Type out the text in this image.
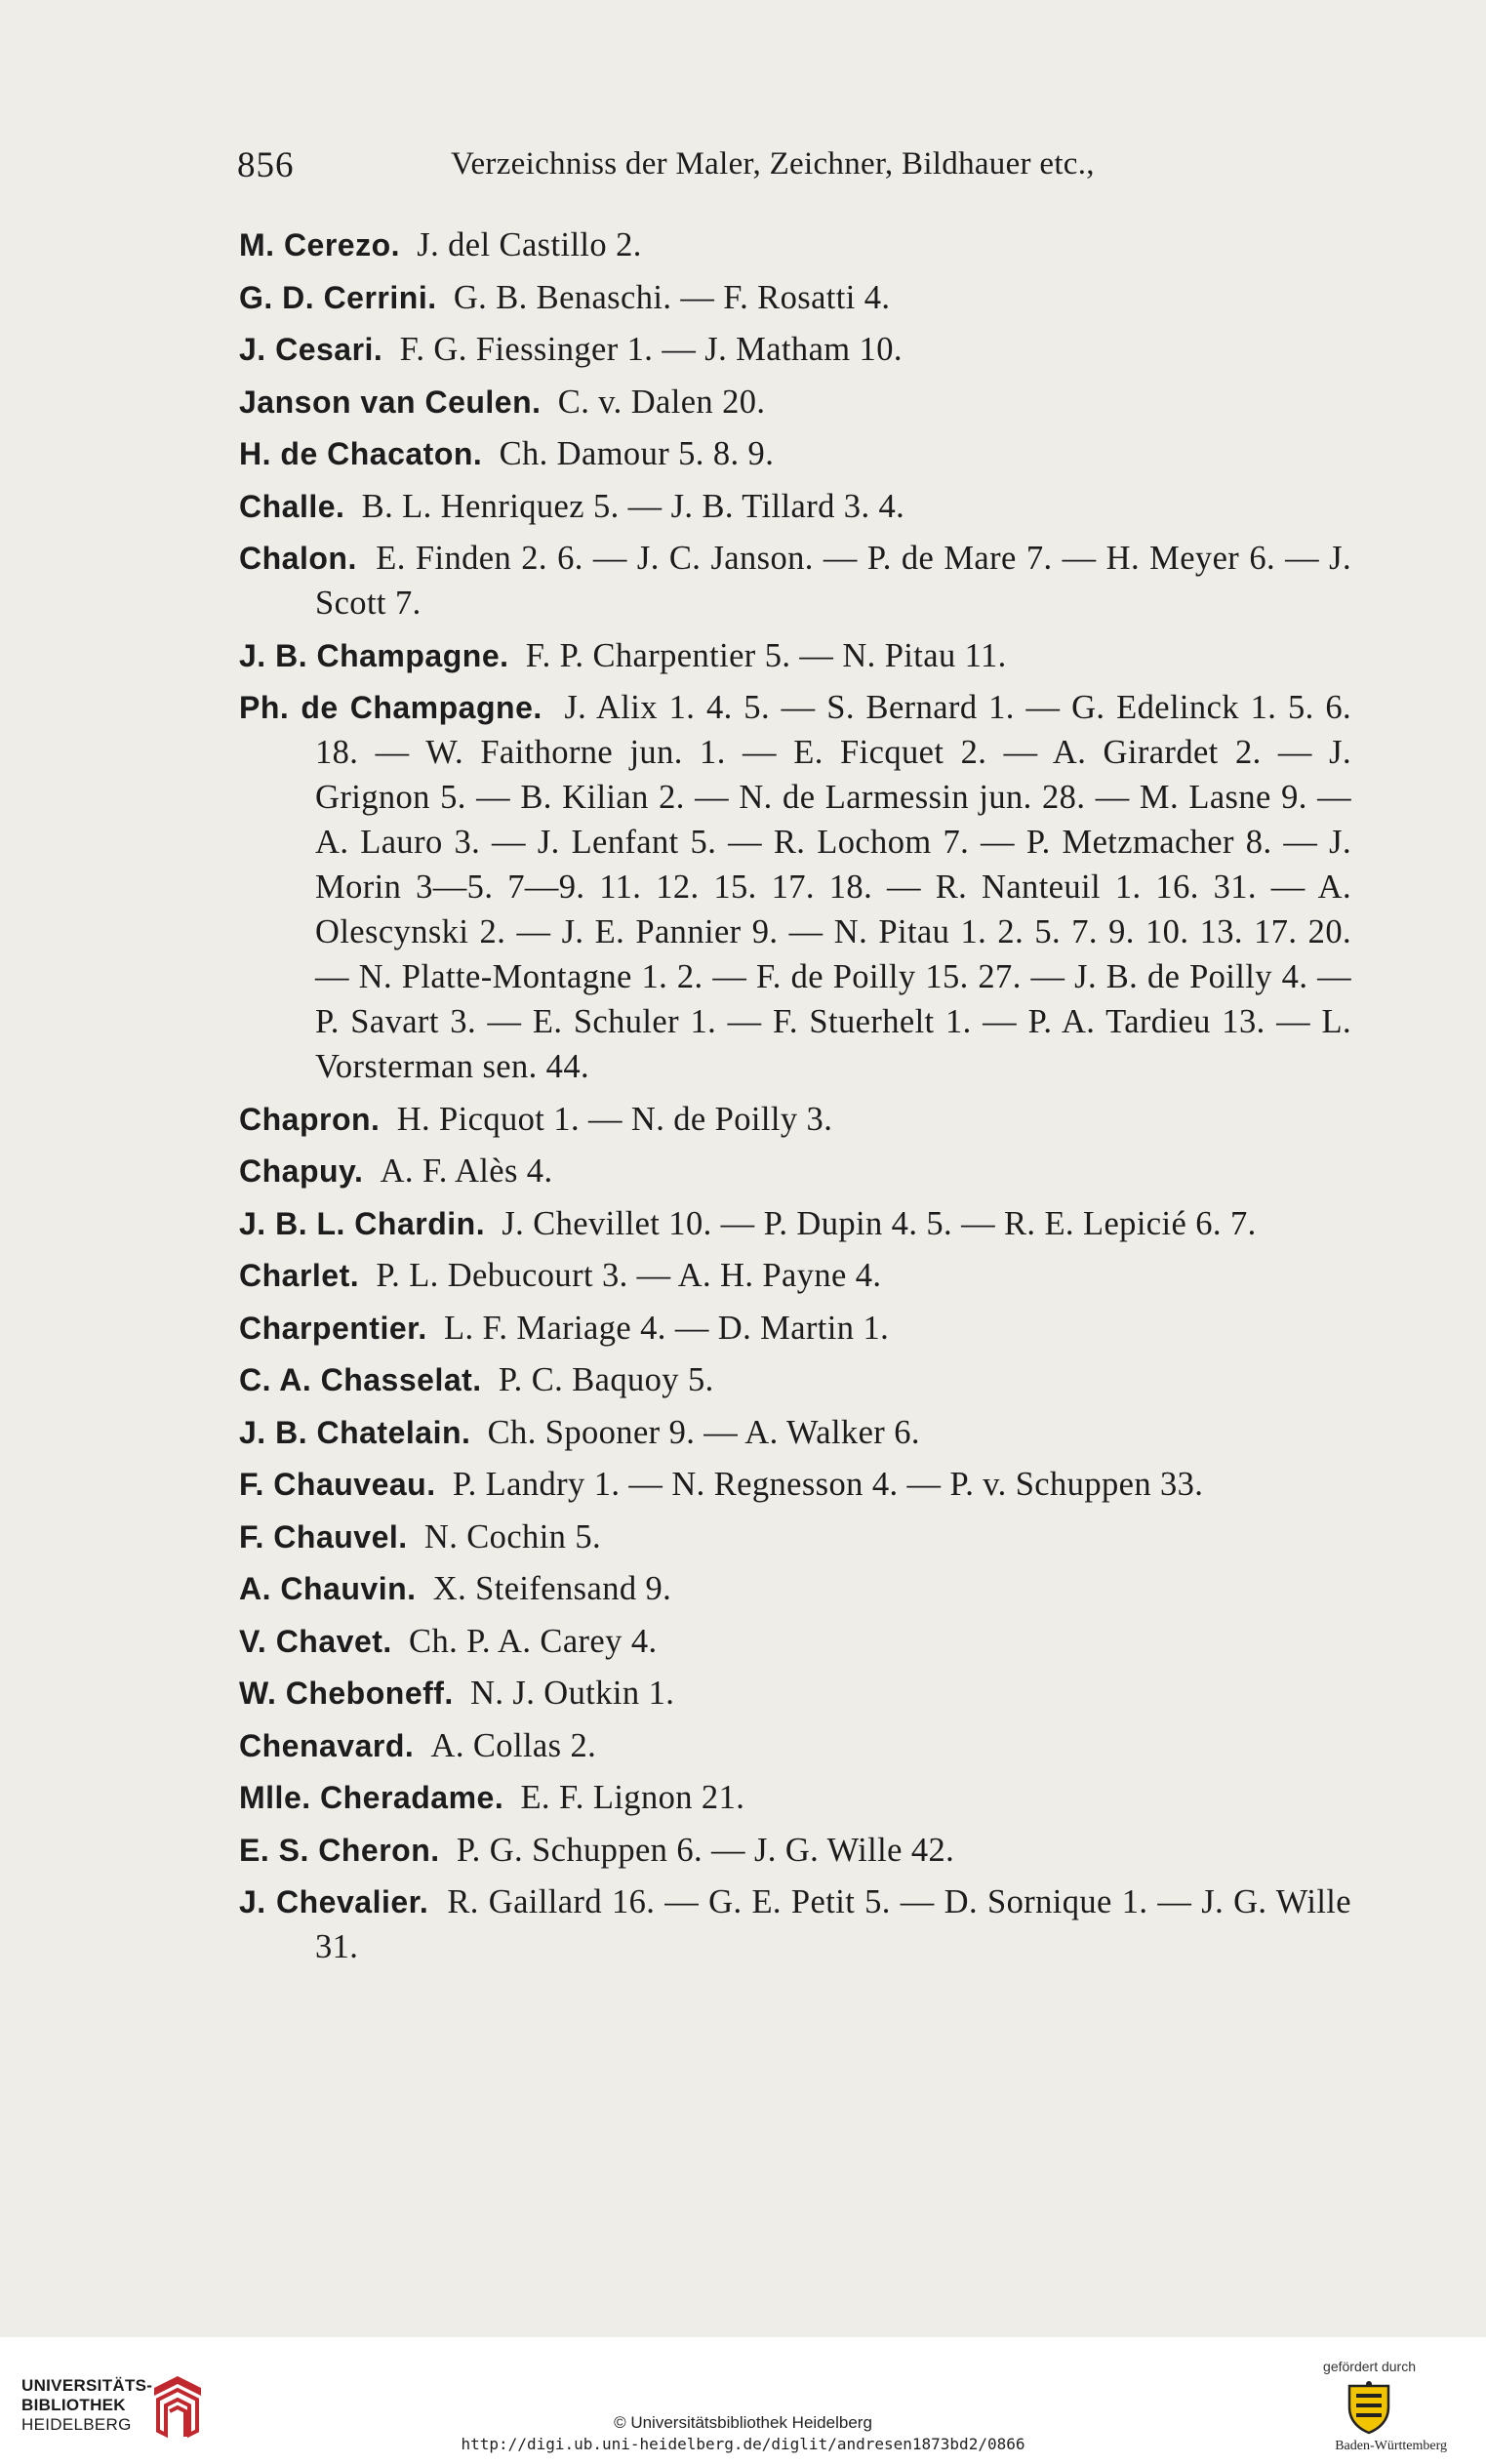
856	Verzeichniss der Maler, Zeichner, Bildhauer etc.,
M. Cerezo. J. del Castillo 2.
G. D. Cerrini. G. B. Benaschi. — F. Rosatti 4.
J. Cesari. F. G. Fiessinger 1. — J. Matham 10.
Janson van Ceulen. C. v. Dalen 20.
H. de Chacaton. Ch. Damour 5. 8. 9.
Challe. B. L. Henriquez 5. — J. B. Tillard 3. 4.
Chalon. E. Finden 2. 6. — J. C. Janson. — P. de Mare 7. — H. Meyer 6. — J. Scott 7.
J. B. Champagne. F. P. Charpentier 5. — N. Pitau 11.
Ph. de Champagne. J. Alix 1. 4. 5. — S. Bernard 1. — G. Edelinck 1. 5. 6. 18. — W. Faithorne jun. 1. — E. Ficquet 2. — A. Girardet 2. — J. Grignon 5. — B. Kilian 2. — N. de Larmessin jun. 28. — M. Lasne 9. — A. Lauro 3. — J. Lenfant 5. — R. Lochom 7. — P. Metzmacher 8. — J. Morin 3—5. 7—9. 11. 12. 15. 17. 18. — R. Nanteuil 1. 16. 31. — A. Olescynski 2. — J. E. Pannier 9. — N. Pitau 1. 2. 5. 7. 9. 10. 13. 17. 20. — N. Platte-Montagne 1. 2. — F. de Poilly 15. 27. — J. B. de Poilly 4. — P. Savart 3. — E. Schuler 1. — F. Stuerhelt 1. — P. A. Tardieu 13. — L. Vorsterman sen. 44.
Chapron. H. Picquot 1. — N. de Poilly 3.
Chapuy. A. F. Alès 4.
J. B. L. Chardin. J. Chevillet 10. — P. Dupin 4. 5. — R. E. Lepicié 6. 7.
Charlet. P. L. Debucourt 3. — A. H. Payne 4.
Charpentier. L. F. Mariage 4. — D. Martin 1.
C. A. Chasselat. P. C. Baquoy 5.
J. B. Chatelain. Ch. Spooner 9. — A. Walker 6.
F. Chauveau. P. Landry 1. — N. Regnesson 4. — P. v. Schuppen 33.
F. Chauvel. N. Cochin 5.
A. Chauvin. X. Steifensand 9.
V. Chavet. Ch. P. A. Carey 4.
W. Cheboneff. N. J. Outkin 1.
Chenavard. A. Collas 2.
Mlle. Cheradame. E. F. Lignon 21.
E. S. Cheron. P. G. Schuppen 6. — J. G. Wille 42.
J. Chevalier. R. Gaillard 16. — G. E. Petit 5. — D. Sornique 1. — J. G. Wille 31.
UNIVERSITÄTS-
BIBLIOTHEK
HEIDELBERG	© Universitätsbibliothek Heidelberg
http://digi.ub.uni-heidelberg.de/diglit/andresen1873bd2/0866
gefördert durch
Baden-Württemberg
